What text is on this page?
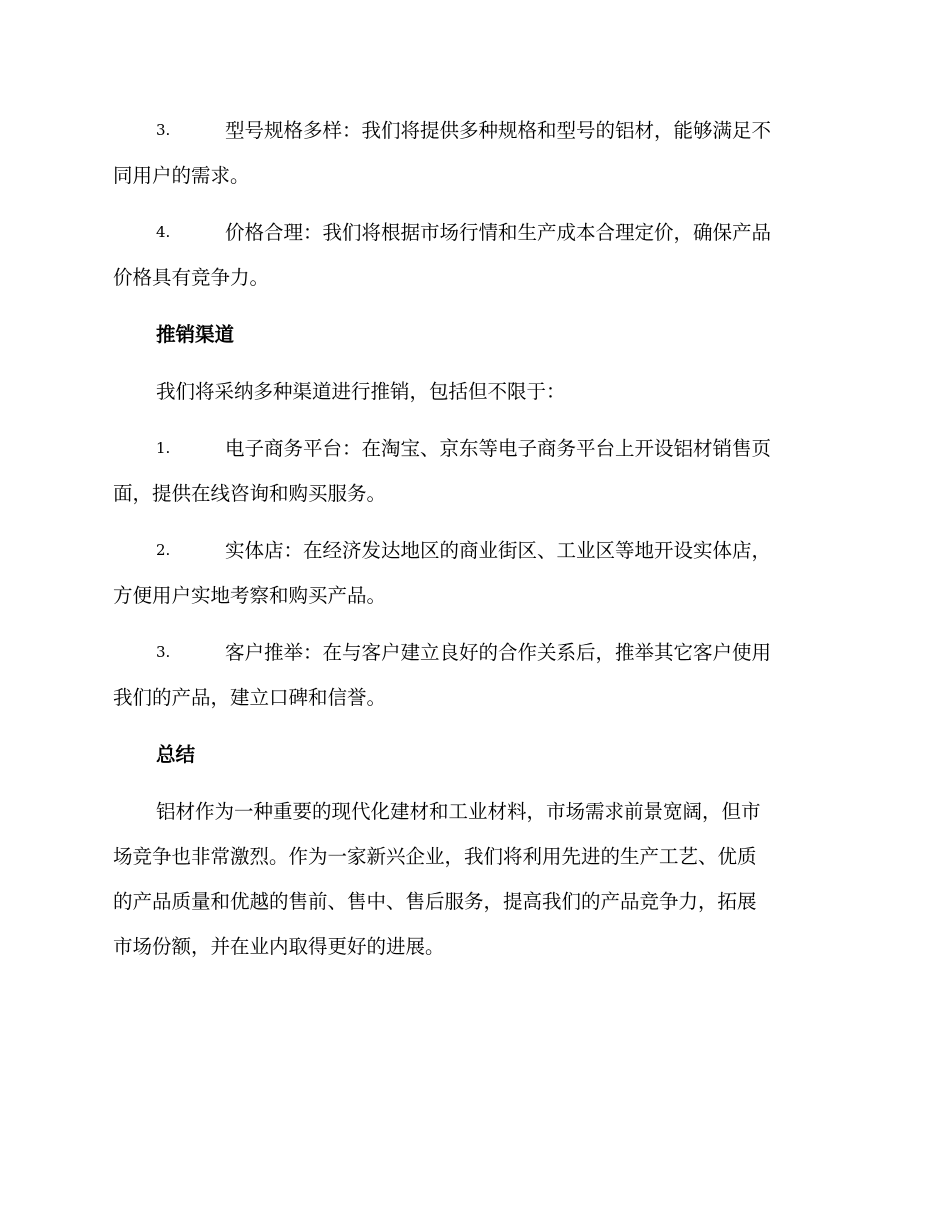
3.	型号规格多样：我们将提供多种规格和型号的铝材，能够满足不
同用户的需求。
4.	价格合理：我们将根据市场行情和生产成本合理定价，确保产品
价格具有竞争力。
推销渠道
我们将采纳多种渠道进行推销，包括但不限于：
1.	电子商务平台：在淘宝、京东等电子商务平台上开设铝材销售页
面，提供在线咨询和购买服务。
2.	实体店：在经济发达地区的商业街区、工业区等地开设实体店，
方便用户实地考察和购买产品。
3.	客户推举：在与客户建立良好的合作关系后，推举其它客户使用
我们的产品，建立口碑和信誉。
总结
铝材作为一种重要的现代化建材和工业材料，市场需求前景宽阔，但市
场竞争也非常激烈。作为一家新兴企业，我们将利用先进的生产工艺、优质
的产品质量和优越的售前、售中、售后服务，提高我们的产品竞争力，拓展
市场份额，并在业内取得更好的进展。
